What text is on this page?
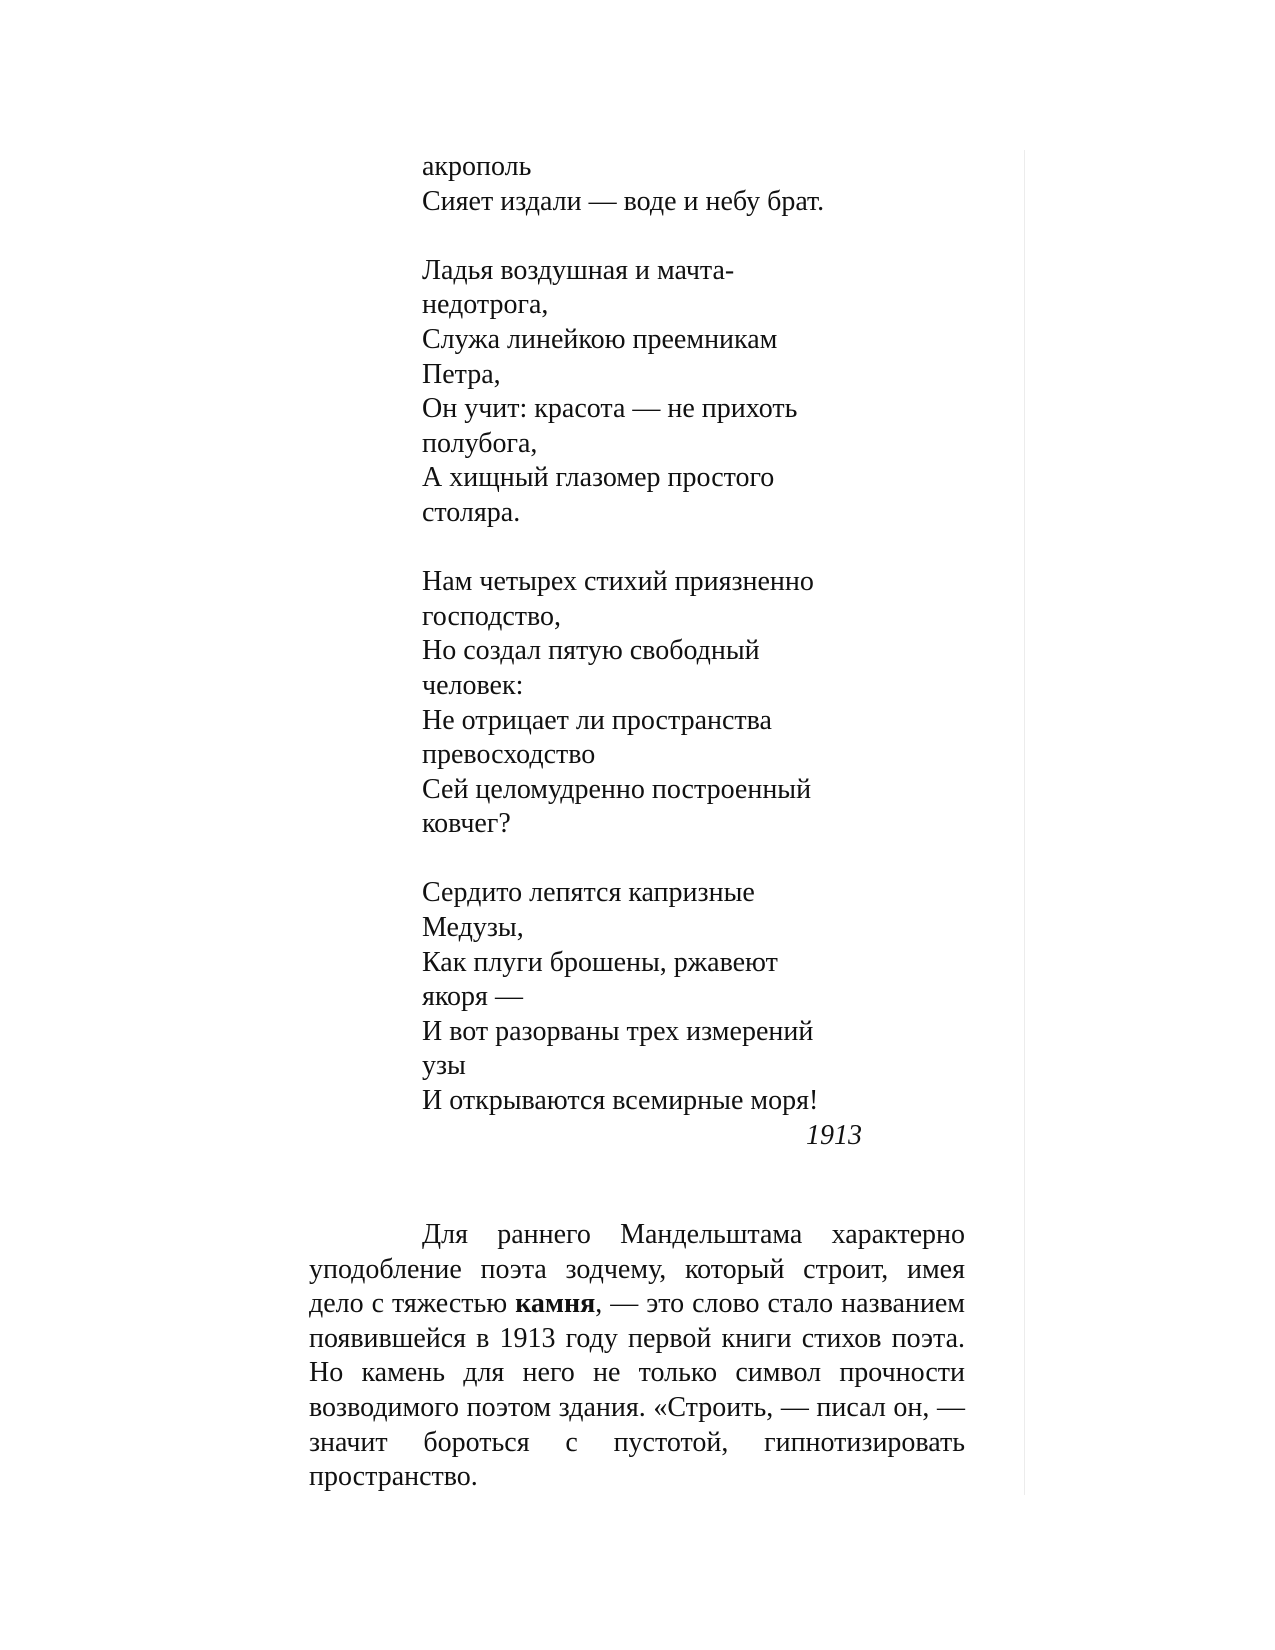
акрополь
Сияет издали — воде и небу брат.
Ладья воздушная и мачта-
недотрога,
Служа линейкою преемникам
Петра,
Он учит: красота — не прихоть
полубога,
А хищный глазомер простого
столяра.
Нам четырех стихий приязненно
господство,
Но создал пятую свободный
человек:
Не отрицает ли пространства
превосходство
Сей целомудренно построенный
ковчег?
Сердито лепятся капризные
Медузы,
Как плуги брошены, ржавеют
якоря —
И вот разорваны трех измерений
узы
И открываются всемирные моря!
1913

Для раннего Мандельштама характерно уподобление поэта зодчему, который строит, имея дело с тяжестью камня, — это слово стало названием появившейся в 1913 году первой книги стихов поэта. Но камень для него не только символ прочности возводимого поэтом здания. «Строить, — писал он, — значит бороться с пустотой, гипнотизировать пространство.
